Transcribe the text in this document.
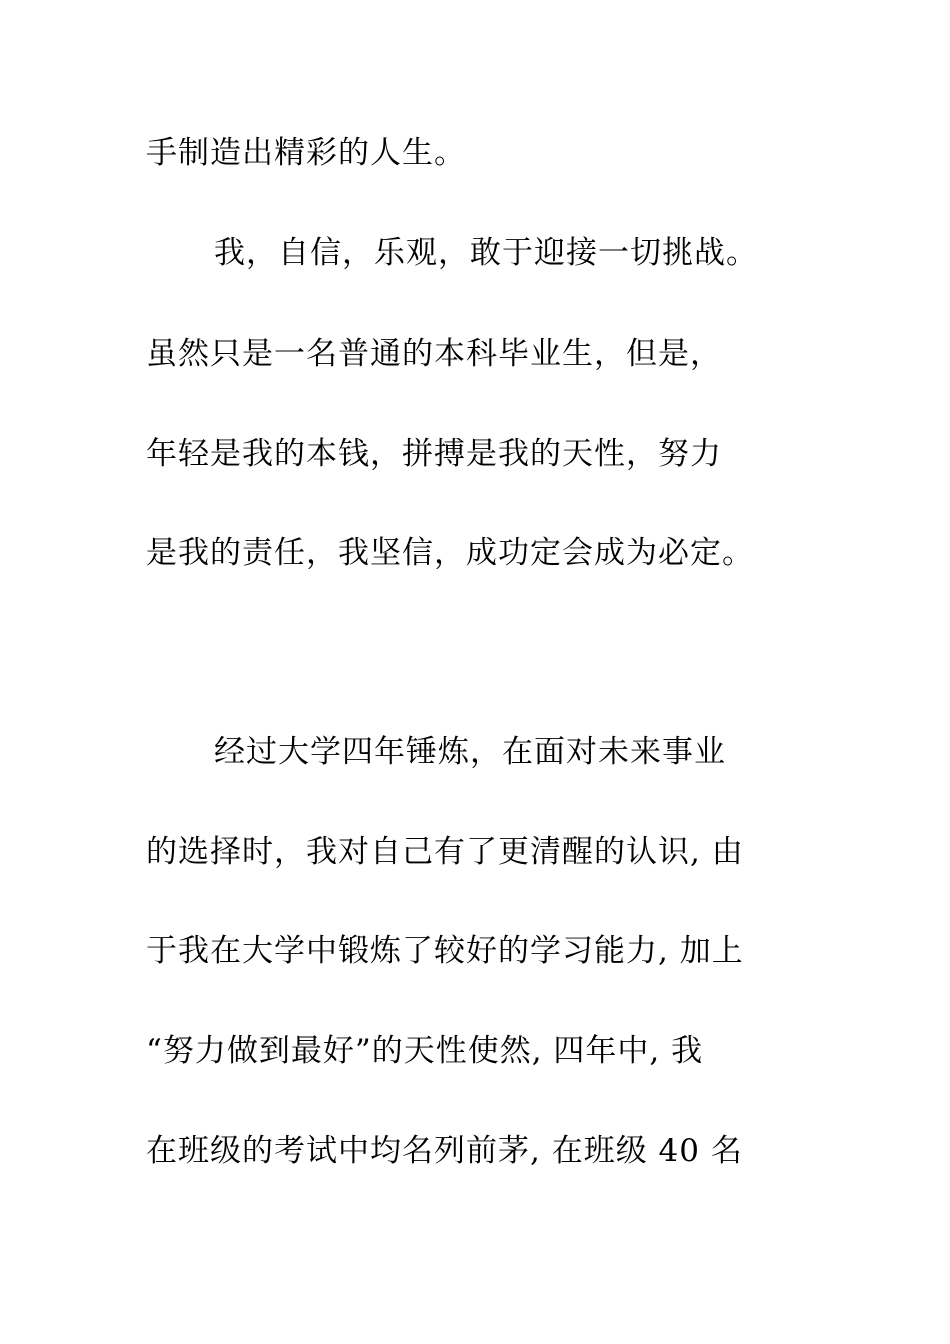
手制造出精彩的人生。

我，自信，乐观，敢于迎接一切挑战。

虽然只是一名普通的本科毕业生，但是，

年轻是我的本钱，拼搏是我的天性，努力

是我的责任，我坚信，成功定会成为必定。

经过大学四年锤炼，在面对未来事业

的选择时，我对自己有了更清醒的认识, 由

于我在大学中锻炼了较好的学习能力, 加上

“努力做到最好”的天性使然, 四年中, 我

在班级的考试中均名列前茅, 在班级 40 名
